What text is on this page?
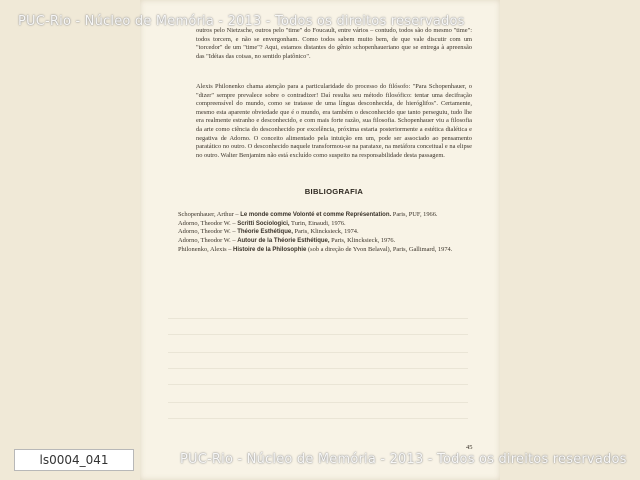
PUC-Rio - Núcleo de Memória - 2013 - Todos os direitos reservados
outros pelo Nietzsche, outros pelo "time" do Foucault, entre vários – contudo, todos são do mesmo "time": todos torcem, e não se envergonham. Como todos sabem muito bem, de que vale discutir com um "torcedor" de um "time"? Aqui, estamos distantes do gênio schopenhaueriano que se entrega à apreensão das "Idéias das coisas, no sentido platônico".
Alexis Philonenko chama atenção para a particularidade do processo do filósofo: "Para Schopenhauer, o "dizer" sempre prevalece sobre o contradizer! Daí resulta seu método filosófico: tentar uma decifração compreensível do mundo, como se tratasse de uma língua desconhecida, de hieróglifos". Certamente, mesmo esta aparente obviedade que é o mundo, era também o desconhecido que tanto perseguiu, tudo lhe era realmente estranho e desconhecido, e com mais forte razão, sua filosofia. Schopenhauer viu a filosofia da arte como ciência do desconhecido por excelência, próxima estaria posteriormente a estética dialética e negativa de Adorno. O conceito alimentado pela intuição em um, pode ser associado ao pensamento paratático no outro. O desconhecido naquele transformou-se na parataxe, na metáfora conceitual e na elipse no outro. Walter Benjamim não está excluído como suspeito na responsabilidade desta passagem.
BIBLIOGRAFIA
Schopenhauer, Arthur – Le monde comme Volonté et comme Représentation. Paris, PUF, 1966.
Adorno, Theodor W. – Scritti Sociologici, Turin, Einaudi, 1976.
Adorno, Theodor W. – Théorie Esthétique, Paris, Klincksieck, 1974.
Adorno, Theodor W. – Autour de la Théorie Esthétique, Paris, Klincksieck, 1976.
Philonenko, Alexis – Histoire de la Philosophie (sob a direção de Yvon Belaval), Paris, Gallimard, 1974.
45
ls0004_041	PUC-Rio - Núcleo de Memória - 2013 - Todos os direitos reservados
